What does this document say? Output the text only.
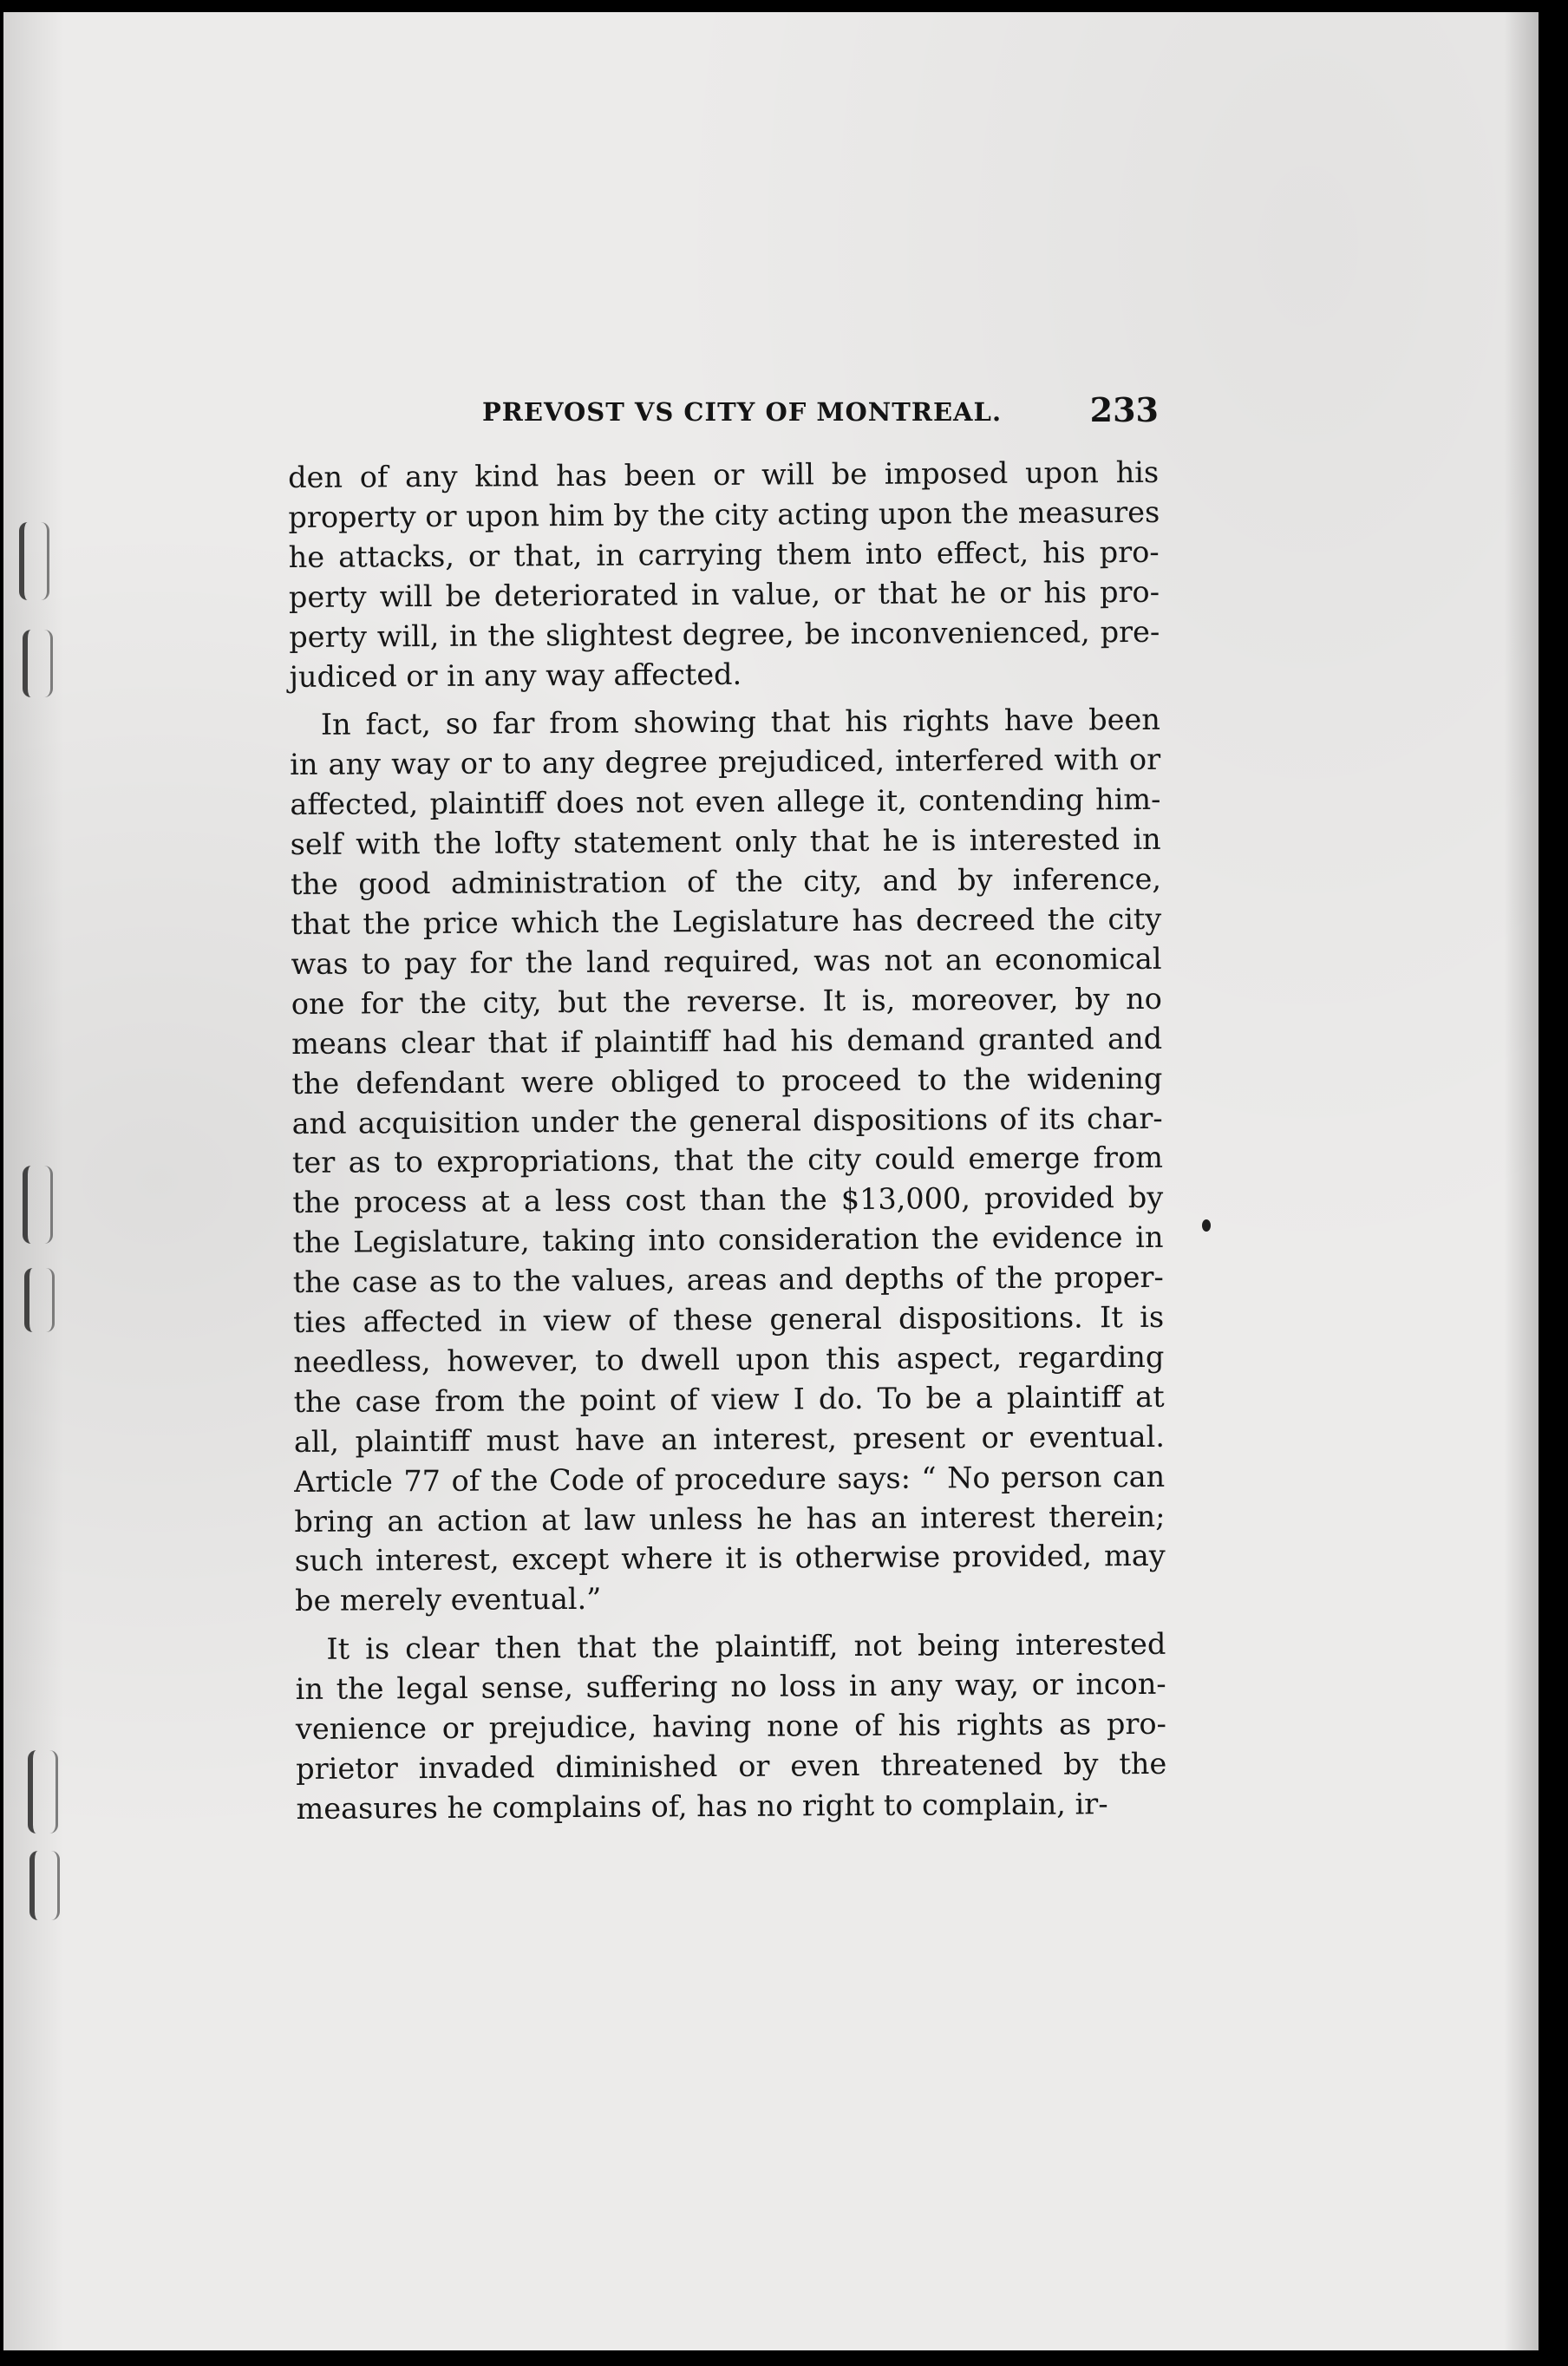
PREVOST VS CITY OF MONTREAL.	233

den of any kind has been or will be imposed upon his
property or upon him by the city acting upon the measures
he attacks, or that, in carrying them into effect, his pro-
perty will be deteriorated in value, or that he or his pro-
perty will, in the slightest degree, be inconvenienced, pre-
judiced or in any way affected.

In fact, so far from showing that his rights have been
in any way or to any degree prejudiced, interfered with or
affected, plaintiff does not even allege it, contending him-
self with the lofty statement only that he is interested in
the good administration of the city, and by inference,
that the price which the Legislature has decreed the city
was to pay for the land required, was not an economical
one for the city, but the reverse. It is, moreover, by no
means clear that if plaintiff had his demand granted and
the defendant were obliged to proceed to the widening
and acquisition under the general dispositions of its char-
ter as to expropriations, that the city could emerge from
the process at a less cost than the $13,000, provided by
the Legislature, taking into consideration the evidence in
the case as to the values, areas and depths of the proper-
ties affected in view of these general dispositions. It is
needless, however, to dwell upon this aspect, regarding
the case from the point of view I do. To be a plaintiff at
all, plaintiff must have an interest, present or eventual.
Article 77 of the Code of procedure says: “ No person can
bring an action at law unless he has an interest therein;
such interest, except where it is otherwise provided, may
be merely eventual.”

It is clear then that the plaintiff, not being interested
in the legal sense, suffering no loss in any way, or incon-
venience or prejudice, having none of his rights as pro-
prietor invaded diminished or even threatened by the
measures he complains of, has no right to complain, ir-
